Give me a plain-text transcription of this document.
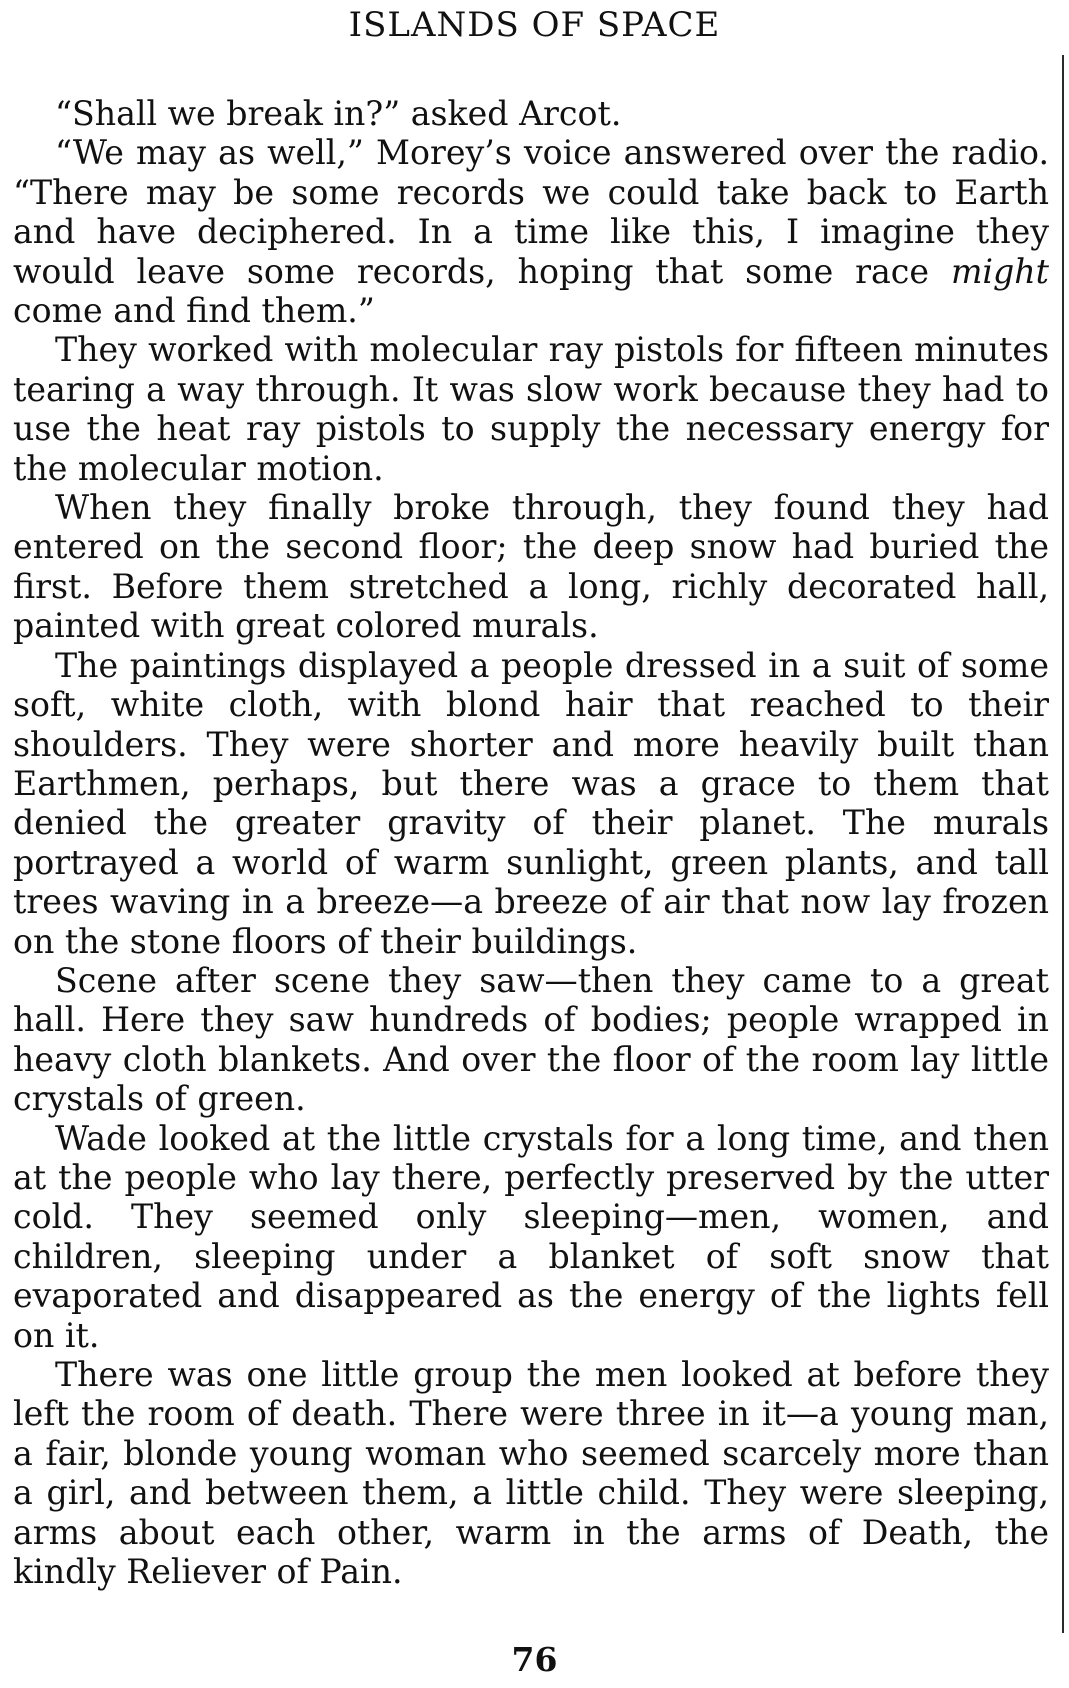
ISLANDS OF SPACE

“Shall we break in?” asked Arcot.

“We may as well,” Morey’s voice answered over the radio. “There may be some records we could take back to Earth and have deciphered. In a time like this, I imagine they would leave some records, hoping that some race might come and find them.”

They worked with molecular ray pistols for fifteen minutes tearing a way through. It was slow work because they had to use the heat ray pistols to supply the necessary energy for the molecular motion.

When they finally broke through, they found they had entered on the second floor; the deep snow had buried the first. Before them stretched a long, richly decorated hall, painted with great colored murals.

The paintings displayed a people dressed in a suit of some soft, white cloth, with blond hair that reached to their shoulders. They were shorter and more heavily built than Earthmen, perhaps, but there was a grace to them that denied the greater gravity of their planet. The murals portrayed a world of warm sunlight, green plants, and tall trees waving in a breeze—a breeze of air that now lay frozen on the stone floors of their buildings.

Scene after scene they saw—then they came to a great hall. Here they saw hundreds of bodies; people wrapped in heavy cloth blankets. And over the floor of the room lay little crystals of green.

Wade looked at the little crystals for a long time, and then at the people who lay there, perfectly preserved by the utter cold. They seemed only sleeping—men, women, and children, sleeping under a blanket of soft snow that evaporated and disappeared as the energy of the lights fell on it.

There was one little group the men looked at before they left the room of death. There were three in it—a young man, a fair, blonde young woman who seemed scarcely more than a girl, and between them, a little child. They were sleeping, arms about each other, warm in the arms of Death, the kindly Reliever of Pain.

76
